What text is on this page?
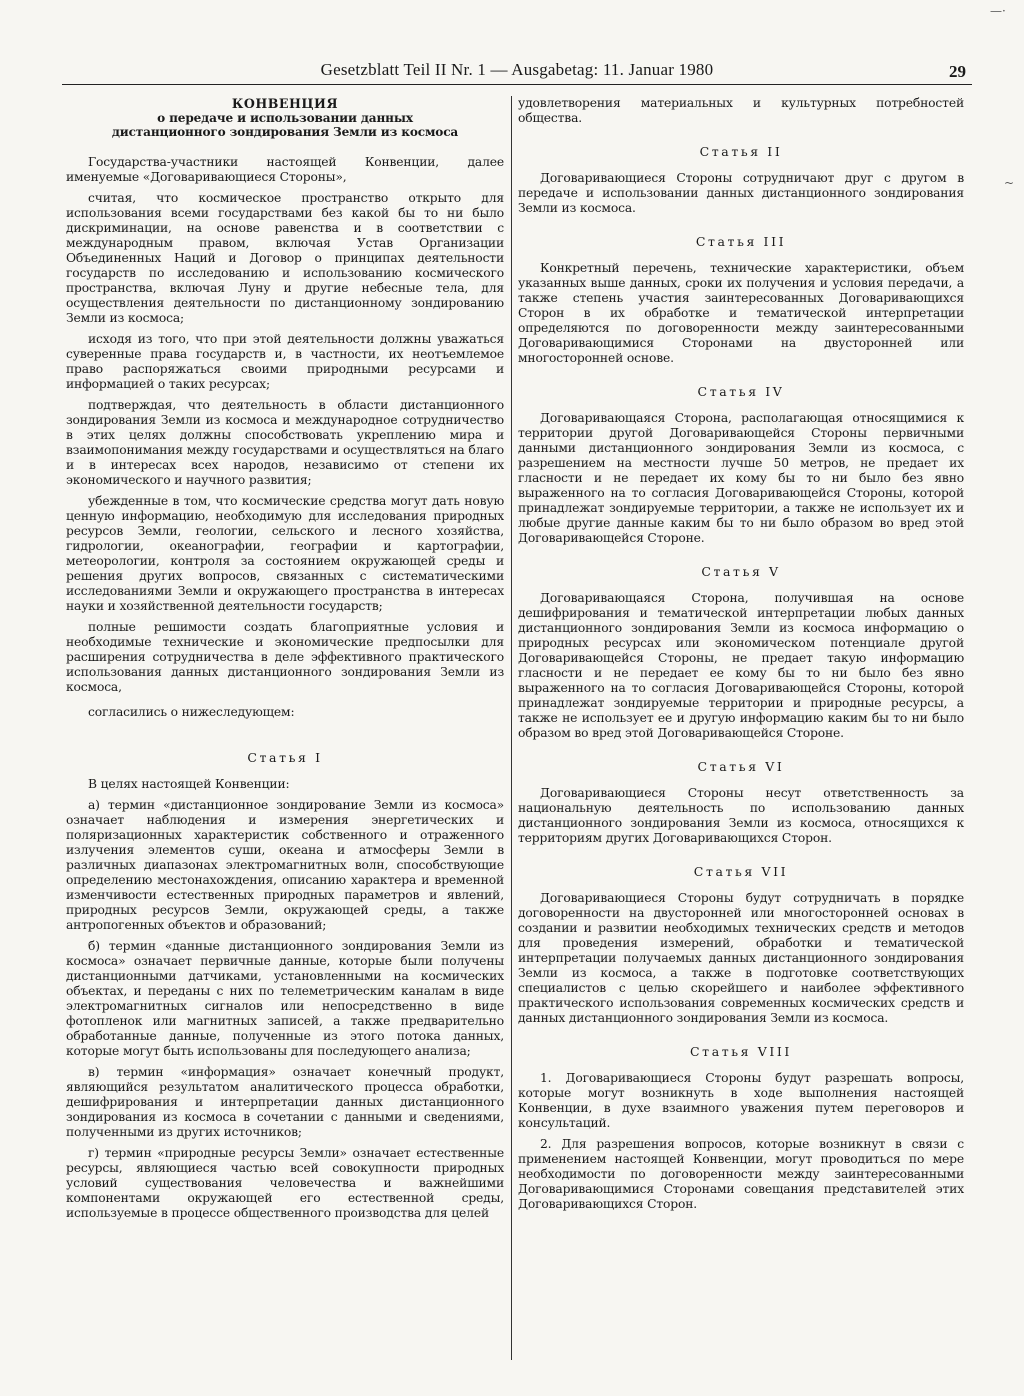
Gesetzblatt Teil II Nr. 1 — Ausgabetag: 11. Januar 1980	29

КОНВЕНЦИЯ

о передаче и использовании данных дистанционного зондирования Земли из космоса

Государства-участники настоящей Конвенции, далее именуемые «Договаривающиеся Стороны»,

считая, что космическое пространство открыто для использования всеми государствами без какой бы то ни было дискриминации, на основе равенства и в соответствии с международным правом, включая Устав Организации Объединенных Наций и Договор о принципах деятельности государств по исследованию и использованию космического пространства, включая Луну и другие небесные тела, для осуществления деятельности по дистанционному зондированию Земли из космоса;

исходя из того, что при этой деятельности должны уважаться суверенные права государств и, в частности, их неотъемлемое право распоряжаться своими природными ресурсами и информацией о таких ресурсах;

подтверждая, что деятельность в области дистанционного зондирования Земли из космоса и международное сотрудничество в этих целях должны способствовать укреплению мира и взаимопонимания между государствами и осуществляться на благо и в интересах всех народов, независимо от степени их экономического и научного развития;

убежденные в том, что космические средства могут дать новую ценную информацию, необходимую для исследования природных ресурсов Земли, геологии, сельского и лесного хозяйства, гидрологии, океанографии, географии и картографии, метеорологии, контроля за состоянием окружающей среды и решения других вопросов, связанных с систематическими исследованиями Земли и окружающего пространства в интересах науки и хозяйственной деятельности государств;

полные решимости создать благоприятные условия и необходимые технические и экономические предпосылки для расширения сотрудничества в деле эффективного практического использования данных дистанционного зондирования Земли из космоса,

согласились о нижеследующем:

Статья I

В целях настоящей Конвенции:

а) термин «дистанционное зондирование Земли из космоса» означает наблюдения и измерения энергетических и поляризационных характеристик собственного и отраженного излучения элементов суши, океана и атмосферы Земли в различных диапазонах электромагнитных волн, способствующие определению местонахождения, описанию характера и временной изменчивости естественных природных параметров и явлений, природных ресурсов Земли, окружающей среды, а также антропогенных объектов и образований;

б) термин «данные дистанционного зондирования Земли из космоса» означает первичные данные, которые были получены дистанционными датчиками, установленными на космических объектах, и переданы с них по телеметрическим каналам в виде электромагнитных сигналов или непосредственно в виде фотопленок или магнитных записей, а также предварительно обработанные данные, полученные из этого потока данных, которые могут быть использованы для последующего анализа;

в) термин «информация» означает конечный продукт, являющийся результатом аналитического процесса обработки, дешифрирования и интерпретации данных дистанционного зондирования из космоса в сочетании с данными и сведениями, полученными из других источников;

г) термин «природные ресурсы Земли» означает естественные ресурсы, являющиеся частью всей совокупности природных условий существования человечества и важнейшими компонентами окружающей его естественной среды, используемые в процессе общественного производства для целей

удовлетворения материальных и культурных потребностей общества.

Статья II

Договаривающиеся Стороны сотрудничают друг с другом в передаче и использовании данных дистанционного зондирования Земли из космоса.

Статья III

Конкретный перечень, технические характеристики, объем указанных выше данных, сроки их получения и условия передачи, а также степень участия заинтересованных Договаривающихся Сторон в их обработке и тематической интерпретации определяются по договоренности между заинтересованными Договаривающимися Сторонами на двусторонней или многосторонней основе.

Статья IV

Договаривающаяся Сторона, располагающая относящимися к территории другой Договаривающейся Стороны первичными данными дистанционного зондирования Земли из космоса, с разрешением на местности лучше 50 метров, не предает их гласности и не передает их кому бы то ни было без явно выраженного на то согласия Договаривающейся Стороны, которой принадлежат зондируемые территории, а также не использует их и любые другие данные каким бы то ни было образом во вред этой Договаривающейся Стороне.

Статья V

Договаривающаяся Сторона, получившая на основе дешифрирования и тематической интерпретации любых данных дистанционного зондирования Земли из космоса информацию о природных ресурсах или экономическом потенциале другой Договаривающейся Стороны, не предает такую информацию гласности и не передает ее кому бы то ни было без явно выраженного на то согласия Договаривающейся Стороны, которой принадлежат зондируемые территории и природные ресурсы, а также не использует ее и другую информацию каким бы то ни было образом во вред этой Договаривающейся Стороне.

Статья VI

Договаривающиеся Стороны несут ответственность за национальную деятельность по использованию данных дистанционного зондирования Земли из космоса, относящихся к территориям других Договаривающихся Сторон.

Статья VII

Договаривающиеся Стороны будут сотрудничать в порядке договоренности на двусторонней или многосторонней основах в создании и развитии необходимых технических средств и методов для проведения измерений, обработки и тематической интерпретации получаемых данных дистанционного зондирования Земли из космоса, а также в подготовке соответствующих специалистов с целью скорейшего и наиболее эффективного практического использования современных космических средств и данных дистанционного зондирования Земли из космоса.

Статья VIII

1. Договаривающиеся Стороны будут разрешать вопросы, которые могут возникнуть в ходе выполнения настоящей Конвенции, в духе взаимного уважения путем переговоров и консультаций.

2. Для разрешения вопросов, которые возникнут в связи с применением настоящей Конвенции, могут проводиться по мере необходимости по договоренности между заинтересованными Договаривающимися Сторонами совещания представителей этих Договаривающихся Сторон.

—·
~
